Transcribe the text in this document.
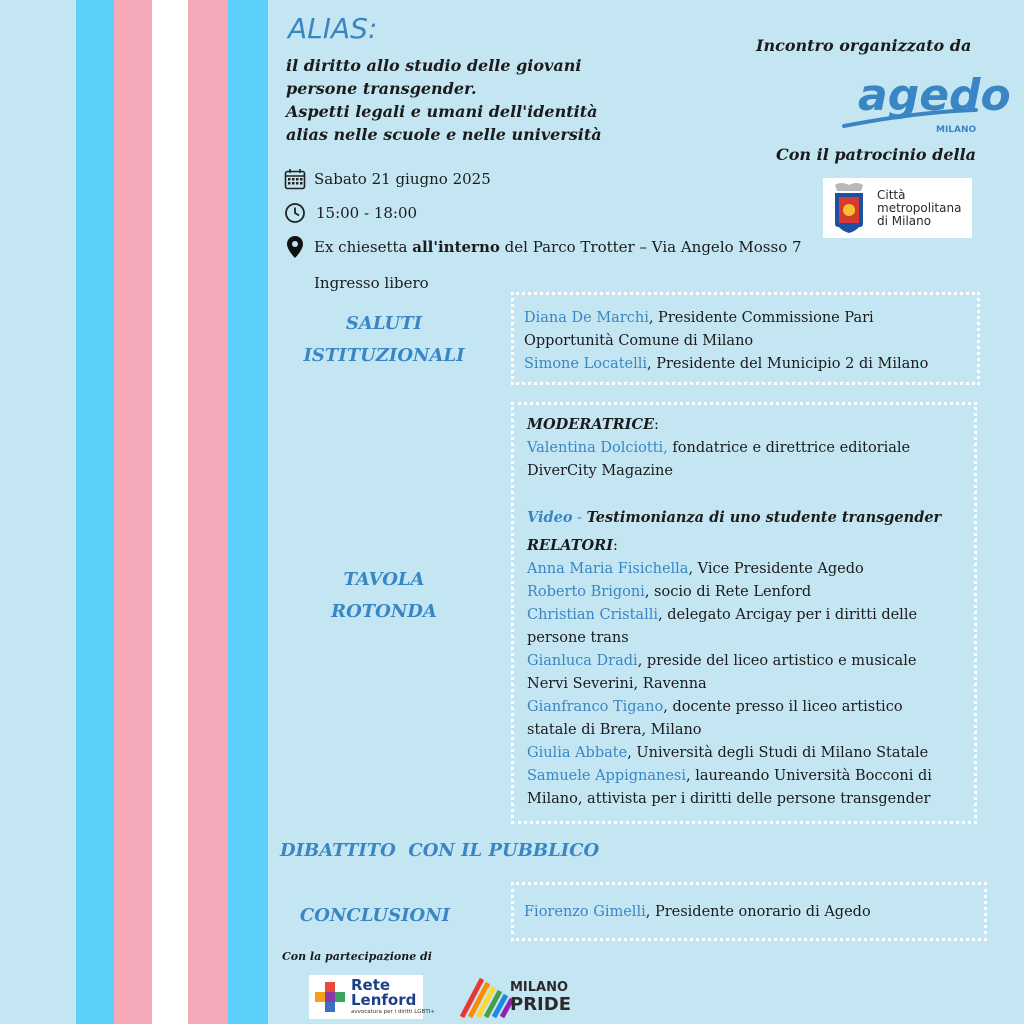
ALIAS:
il diritto allo studio delle giovani
persone transgender.
Aspetti legali e umani dell'identità
alias nelle scuole e nelle università
Sabato 21 giugno 2025
15:00 - 18:00
Ex chiesetta all'interno del Parco Trotter – Via Angelo Mosso 7
Ingresso libero
Incontro organizzato da
agedo
MILANO
Con il patrocinio della
Città
metropolitana
di Milano
SALUTI
ISTITUZIONALI
Diana De Marchi, Presidente Commissione Pari
Opportunità Comune di Milano
Simone Locatelli, Presidente del Municipio 2 di Milano
TAVOLA
ROTONDA
MODERATRICE:
Valentina Dolciotti, fondatrice e direttrice editoriale
DiverCity Magazine
Video - Testimonianza di uno studente transgender
RELATORI:
Anna Maria Fisichella, Vice Presidente Agedo
Roberto Brigoni, socio di Rete Lenford
Christian Cristalli, delegato Arcigay per i diritti delle
persone trans
Gianluca Dradi, preside del liceo artistico e musicale
Nervi Severini, Ravenna
Gianfranco Tigano, docente presso il liceo artistico
statale di Brera, Milano
Giulia Abbate, Università degli Studi di Milano Statale
Samuele Appignanesi, laureando Università Bocconi di
Milano, attivista per i diritti delle persone transgender
DIBATTITO  CON IL PUBBLICO
CONCLUSIONI	Fiorenzo Gimelli, Presidente onorario di Agedo
Con la partecipazione di
Rete
Lenford
avvocatura per i diritti LGBTI+
MILANO
PRIDE
